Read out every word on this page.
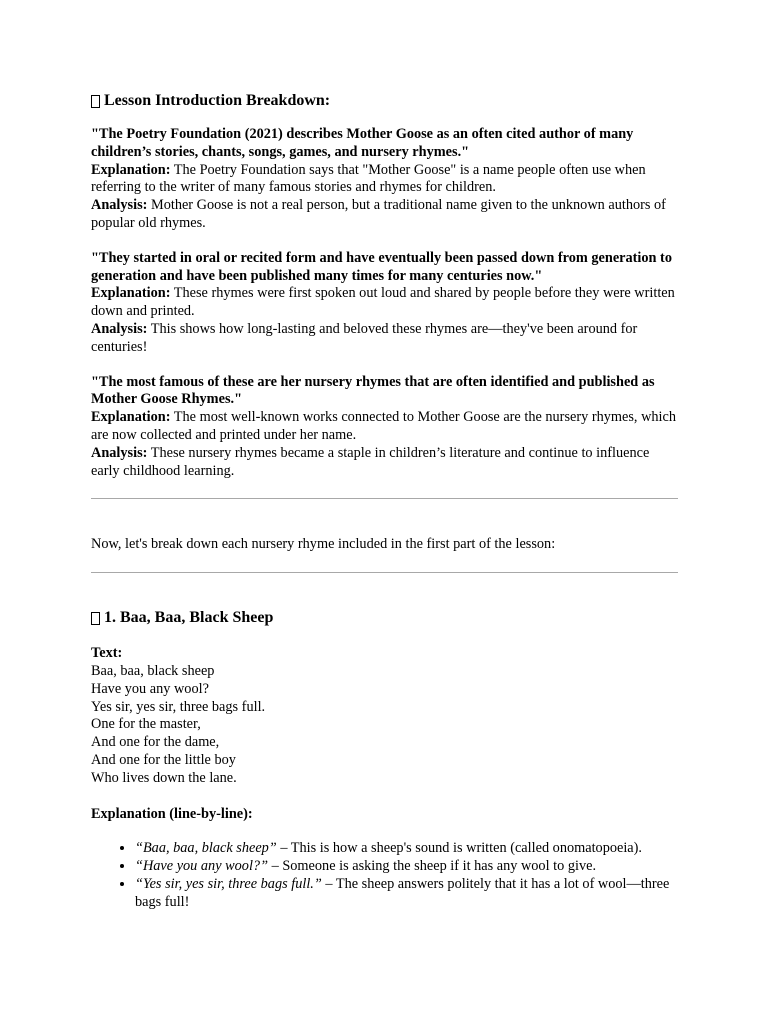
Lesson Introduction Breakdown:

"The Poetry Foundation (2021) describes Mother Goose as an often cited author of many children’s stories, chants, songs, games, and nursery rhymes."

Explanation: The Poetry Foundation says that "Mother Goose" is a name people often use when referring to the writer of many famous stories and rhymes for children.

Analysis: Mother Goose is not a real person, but a traditional name given to the unknown authors of popular old rhymes.

"They started in oral or recited form and have eventually been passed down from generation to generation and have been published many times for many centuries now."

Explanation: These rhymes were first spoken out loud and shared by people before they were written down and printed.

Analysis: This shows how long-lasting and beloved these rhymes are—they've been around for centuries!

"The most famous of these are her nursery rhymes that are often identified and published as Mother Goose Rhymes."

Explanation: The most well-known works connected to Mother Goose are the nursery rhymes, which are now collected and printed under her name.

Analysis: These nursery rhymes became a staple in children’s literature and continue to influence early childhood learning.

Now, let's break down each nursery rhyme included in the first part of the lesson:

1. Baa, Baa, Black Sheep
Text:
Baa, baa, black sheep
Have you any wool?
Yes sir, yes sir, three bags full.
One for the master,
And one for the dame,
And one for the little boy
Who lives down the lane.

Explanation (line-by-line):

• “Baa, baa, black sheep” – This is how a sheep's sound is written (called onomatopoeia).
• “Have you any wool?” – Someone is asking the sheep if it has any wool to give.
• “Yes sir, yes sir, three bags full.” – The sheep answers politely that it has a lot of wool—three bags full!
